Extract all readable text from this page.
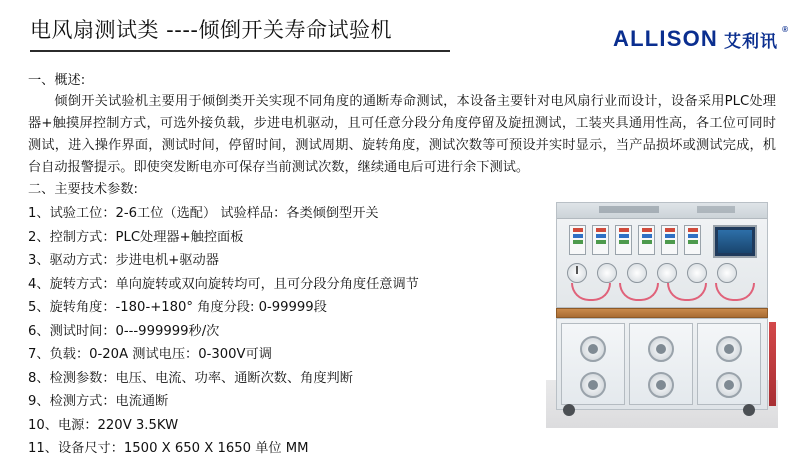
电风扇测试类 ----倾倒开关寿命试验机	ALLISON 艾利讯
®
一、概述:
倾倒开关试验机主要用于倾倒类开关实现不同角度的通断寿命测试，本设备主要针对电风扇行业而设计，设备采用PLC处理器+触摸屏控制方式，可选外接负载，步进电机驱动，且可任意分段分角度停留及旋扭测试，工装夹具通用性高，各工位可同时测试，进入操作界面，测试时间，停留时间，测试周期、旋转角度，测试次数等可预设并实时显示，当产品损坏或测试完成，机台自动报警提示。即使突发断电亦可保存当前测试次数，继续通电后可进行余下测试。
二、主要技术参数:
1、试验工位：2-6工位（选配） 试验样品：各类倾倒型开关
2、控制方式：PLC处理器+触控面板
3、驱动方式：步进电机+驱动器
4、旋转方式：单向旋转或双向旋转均可，且可分段分角度任意调节
5、旋转角度：-180-+180° 角度分段: 0-99999段
6、测试时间：0---999999秒/次
7、负载：0-20A 测试电压：0-300V可调
8、检测参数：电压、电流、功率、通断次数、角度判断
9、检测方式：电流通断
10、电源：220V 3.5KW
11、设备尺寸：1500 X 650 X 1650 单位 MM
